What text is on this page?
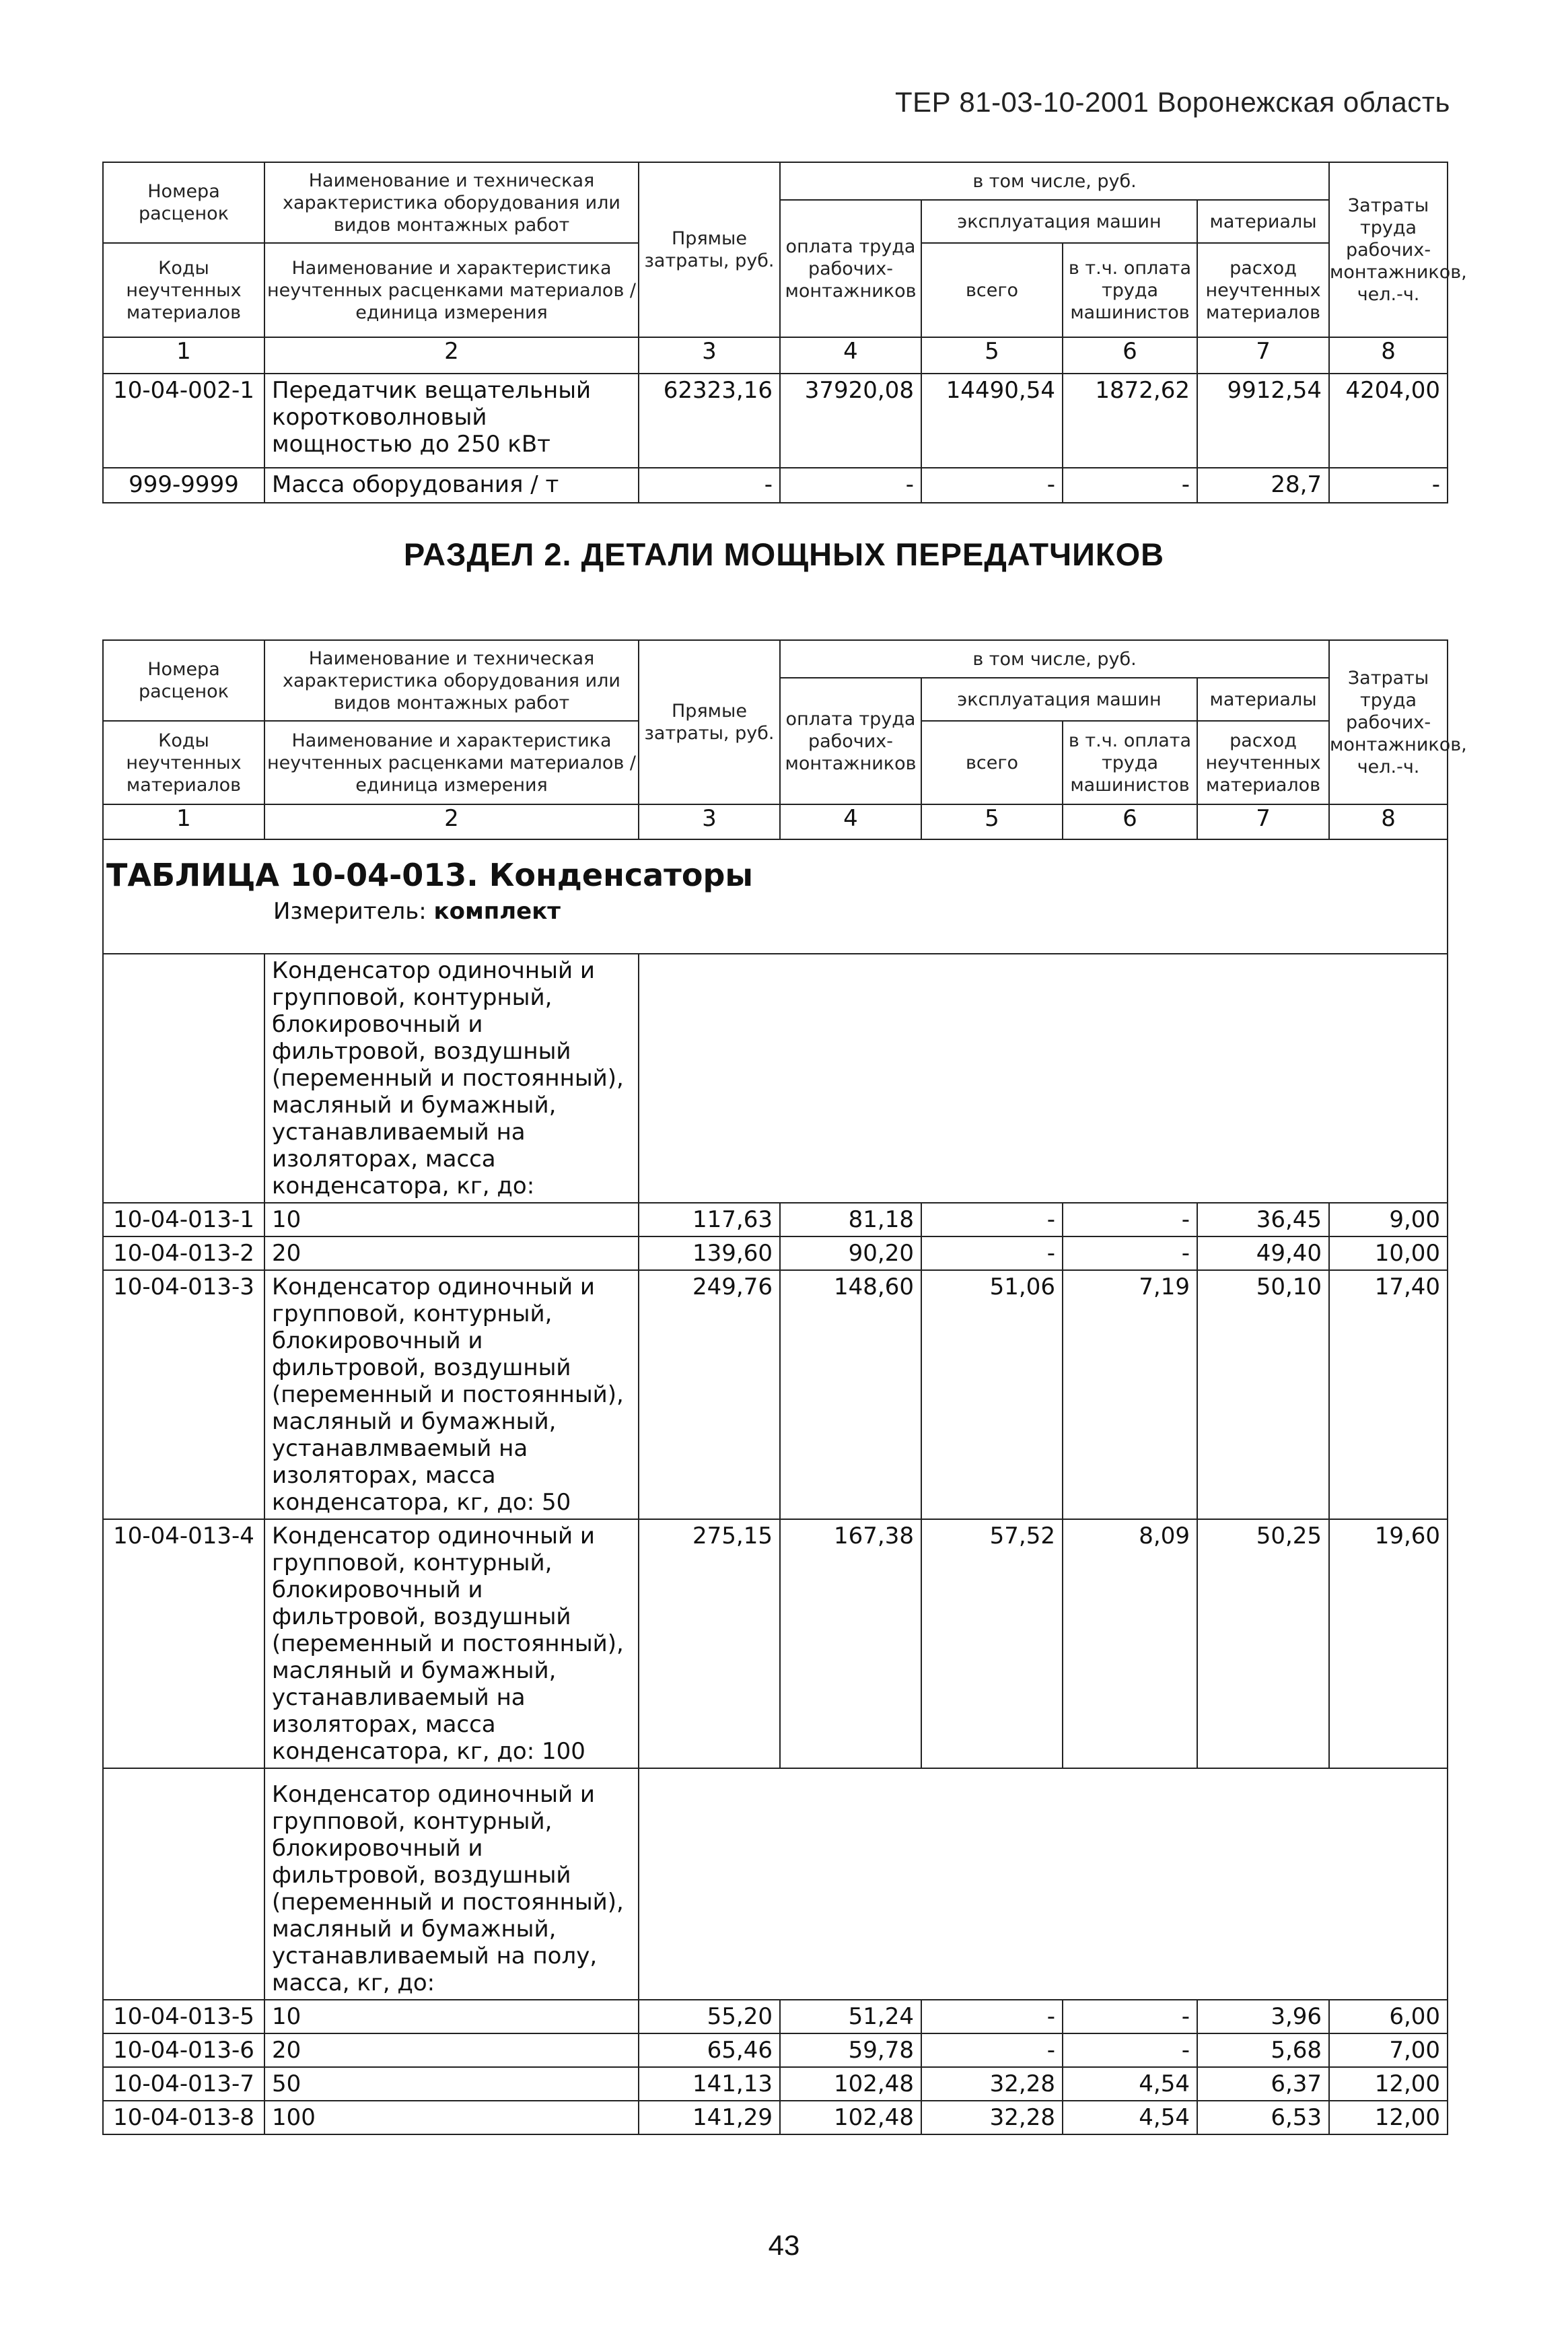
ТЕР 81-03-10-2001 Воронежская область
Номера расценок	Наименование и техническая характеристика оборудования или видов монтажных работ	Прямые затраты, руб.	в том числе, руб.				Затраты труда рабочих-монтажников, чел.-ч.
			оплата труда рабочих-монтажников	эксплуатация машин		материалы	
Коды неучтенных материалов	Наименование и характеристика неучтенных расценками материалов / единица измерения			всего	в т.ч. оплата труда машинистов	расход неучтенных материалов	

1	2	3	4	5	6	7	8
10-04-002-1	Передатчик вещательный коротковолновый мощностью до 250 кВт	62323,16	37920,08	14490,54	1872,62	9912,54	4204,00
999-9999	Масса оборудования / т	-	-	-	-	28,7	-
РАЗДЕЛ 2. ДЕТАЛИ МОЩНЫХ ПЕРЕДАТЧИКОВ
Номера расценок	Наименование и техническая характеристика оборудования или видов монтажных работ	Прямые затраты, руб.	в том числе, руб.				Затраты труда рабочих-монтажников, чел.-ч.
			оплата труда рабочих-монтажников	эксплуатация машин		материалы	
Коды неучтенных материалов	Наименование и характеристика неучтенных расценками материалов / единица измерения			всего	в т.ч. оплата труда машинистов	расход неучтенных материалов	

1	2	3	4	5	6	7	8

ТАБЛИЦА 10-04-013. Конденсаторы
Измеритель: комплект							

	Конденсатор одиночный и групповой, контурный, блокировочный и фильтровой, воздушный (переменный и постоянный), масляный и бумажный, устанавливаемый на изоляторах, масса конденсатора, кг, до:						
10-04-013-1	10	117,63	81,18	-	-	36,45	9,00
10-04-013-2	20	139,60	90,20	-	-	49,40	10,00
10-04-013-3	Конденсатор одиночный и групповой, контурный, блокировочный и фильтровой, воздушный (переменный и постоянный), масляный и бумажный, устанавлмваемый на изоляторах, масса конденсатора, кг, до: 50	249,76	148,60	51,06	7,19	50,10	17,40
10-04-013-4	Конденсатор одиночный и групповой, контурный, блокировочный и фильтровой, воздушный (переменный и постоянный), масляный и бумажный, устанавливаемый на изоляторах, масса конденсатора, кг, до: 100	275,15	167,38	57,52	8,09	50,25	19,60
	Конденсатор одиночный и групповой, контурный, блокировочный и фильтровой, воздушный (переменный и постоянный), масляный и бумажный, устанавливаемый на полу, масса, кг, до:						
10-04-013-5	10	55,20	51,24	-	-	3,96	6,00
10-04-013-6	20	65,46	59,78	-	-	5,68	7,00
10-04-013-7	50	141,13	102,48	32,28	4,54	6,37	12,00
10-04-013-8	100	141,29	102,48	32,28	4,54	6,53	12,00
43
